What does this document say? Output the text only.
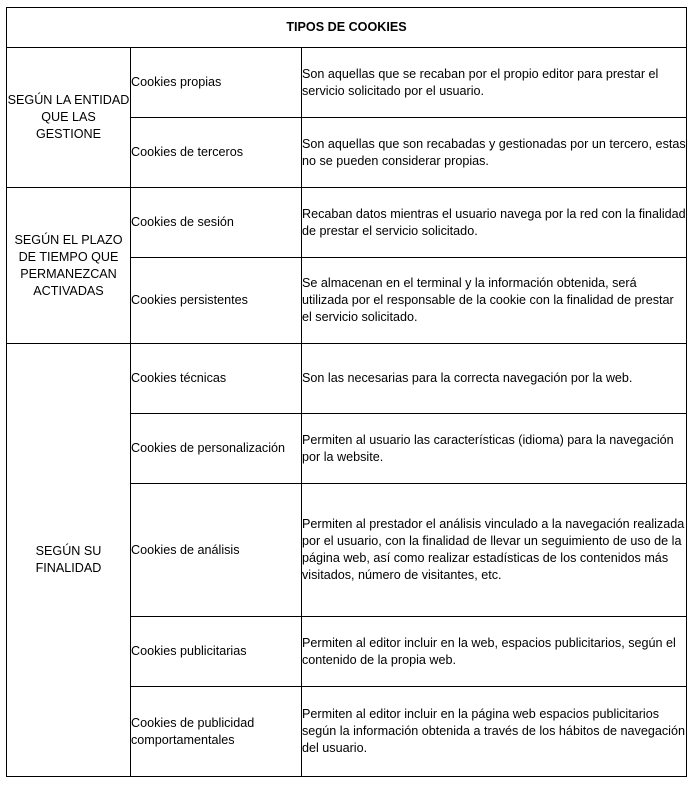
TIPOS DE COOKIES		
SEGÚN LA ENTIDAD QUE LAS GESTIONE	Cookies propias	Son aquellas que se recaban por el propio editor para prestar el servicio solicitado por el usuario.
	Cookies de terceros	Son aquellas que son recabadas y gestionadas por un tercero, estas no se pueden considerar propias.
SEGÚN EL PLAZO DE TIEMPO QUE PERMANEZCAN ACTIVADAS	Cookies de sesión	Recaban datos mientras el usuario navega por la red con la finalidad de prestar el servicio solicitado.
	Cookies persistentes	Se almacenan en el terminal y la información obtenida, será utilizada por el responsable de la cookie con la finalidad de prestar el servicio solicitado.
SEGÚN SU FINALIDAD	Cookies técnicas	Son las necesarias para la correcta navegación por la web.
	Cookies de personalización	Permiten al usuario las características (idioma) para la navegación por la website.
	Cookies de análisis	Permiten al prestador el análisis vinculado a la navegación realizada por el usuario, con la finalidad de llevar un seguimiento de uso de la página web, así como realizar estadísticas de los contenidos más visitados, número de visitantes, etc.
	Cookies publicitarias	Permiten al editor incluir en la web, espacios publicitarios, según el contenido de la propia web.
	Cookies de publicidad comportamentales	Permiten al editor incluir en la página web espacios publicitarios según la información obtenida a través de los hábitos de navegación del usuario.
